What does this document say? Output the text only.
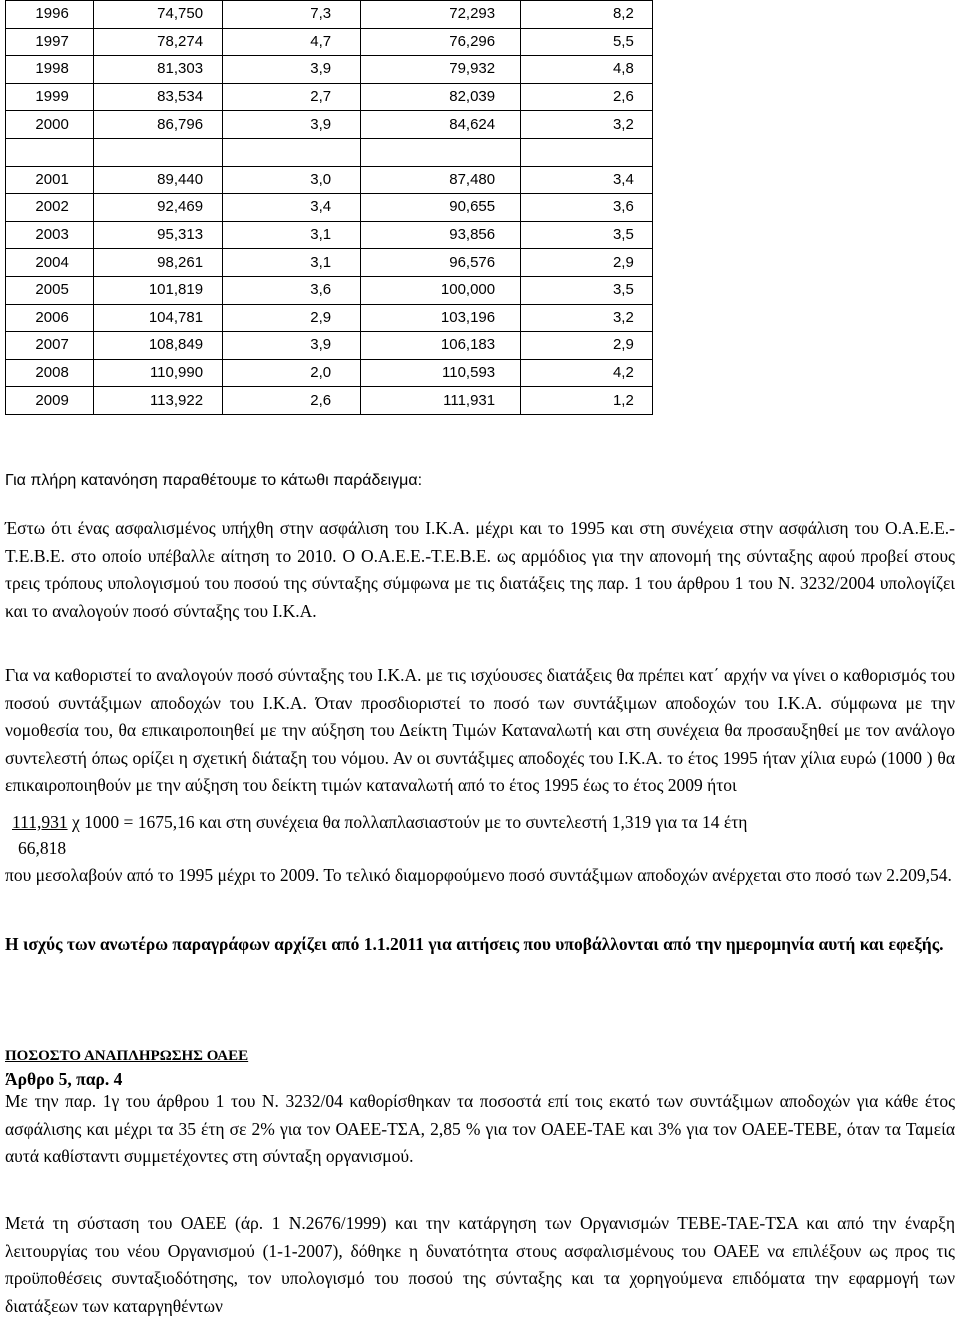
1996	74,750	7,3	72,293	8,2
1997	78,274	4,7	76,296	5,5
1998	81,303	3,9	79,932	4,8
1999	83,534	2,7	82,039	2,6
2000	86,796	3,9	84,624	3,2

2001	89,440	3,0	87,480	3,4
2002	92,469	3,4	90,655	3,6
2003	95,313	3,1	93,856	3,5
2004	98,261	3,1	96,576	2,9
2005	101,819	3,6	100,000	3,5
2006	104,781	2,9	103,196	3,2
2007	108,849	3,9	106,183	2,9
2008	110,990	2,0	110,593	4,2
2009	113,922	2,6	111,931	1,2
Για πλήρη κατανόηση παραθέτουμε το κάτωθι παράδειγμα:
Έστω ότι ένας ασφαλισμένος υπήχθη στην ασφάλιση του Ι.Κ.Α. μέχρι και το 1995 και στη συνέχεια στην ασφάλιση του Ο.Α.Ε.Ε.-Τ.Ε.Β.Ε. στο οποίο υπέβαλλε αίτηση το 2010. Ο Ο.Α.Ε.Ε.-Τ.Ε.Β.Ε. ως αρμόδιος για την απονομή της σύνταξης αφού προβεί στους τρεις τρόπους υπολογισμού του ποσού της σύνταξης σύμφωνα με τις διατάξεις της παρ. 1 του άρθρου 1 του Ν. 3232/2004 υπολογίζει και το αναλογούν ποσό σύνταξης του Ι.Κ.Α.
Για να καθοριστεί το αναλογούν ποσό σύνταξης του Ι.Κ.Α. με τις ισχύουσες διατάξεις θα πρέπει κατ΄ αρχήν να γίνει ο καθορισμός του ποσού συντάξιμων αποδοχών του Ι.Κ.Α. Όταν προσδιοριστεί το ποσό των συντάξιμων αποδοχών του Ι.Κ.Α. σύμφωνα με την νομοθεσία του, θα επικαιροποιηθεί με την αύξηση του Δείκτη Τιμών Καταναλωτή και στη συνέχεια θα προσαυξηθεί με τον ανάλογο συντελεστή όπως ορίζει η σχετική διάταξη του νόμου. Αν οι συντάξιμες αποδοχές του Ι.Κ.Α. το έτος 1995 ήταν χίλια ευρώ (1000 ) θα επικαιροποιηθούν με την αύξηση του δείκτη τιμών καταναλωτή από το έτος 1995 έως το έτος 2009 ήτοι
111,931 χ 1000 = 1675,16 και στη συνέχεια θα πολλαπλασιαστούν με το συντελεστή 1,319 για τα 14 έτη
66,818
που μεσολαβούν από το 1995 μέχρι το 2009. Το τελικό διαμορφούμενο ποσό συντάξιμων αποδοχών ανέρχεται στο ποσό των 2.209,54.
Η ισχύς των ανωτέρω παραγράφων αρχίζει από 1.1.2011 για αιτήσεις που υποβάλλονται από την ημερομηνία αυτή και εφεξής.
ΠΟΣΟΣΤΟ ΑΝΑΠΛΗΡΩΣΗΣ ΟΑΕΕ
Άρθρο 5, παρ. 4
Με την παρ. 1γ του άρθρου 1 του Ν. 3232/04 καθορίσθηκαν τα ποσοστά επί τοις εκατό των συντάξιμων αποδοχών για κάθε έτος ασφάλισης και μέχρι τα 35 έτη σε 2% για τον ΟΑΕΕ-ΤΣΑ, 2,85 % για τον ΟΑΕΕ-ΤΑΕ και 3% για τον ΟΑΕΕ-ΤΕΒΕ, όταν τα Ταμεία αυτά καθίσταντι συμμετέχοντες στη σύνταξη οργανισμού.
Μετά τη σύσταση του ΟΑΕΕ (άρ. 1 Ν.2676/1999) και την κατάργηση των Οργανισμών ΤΕΒΕ-ΤΑΕ-ΤΣΑ και από την έναρξη λειτουργίας του νέου Οργανισμού (1-1-2007), δόθηκε η δυνατότητα στους ασφαλισμένους του ΟΑΕΕ να επιλέξουν ως προς τις προϋποθέσεις συνταξιοδότησης, τον υπολογισμό του ποσού της σύνταξης και τα χορηγούμενα επιδόματα την εφαρμογή των διατάξεων των καταργηθέντων
